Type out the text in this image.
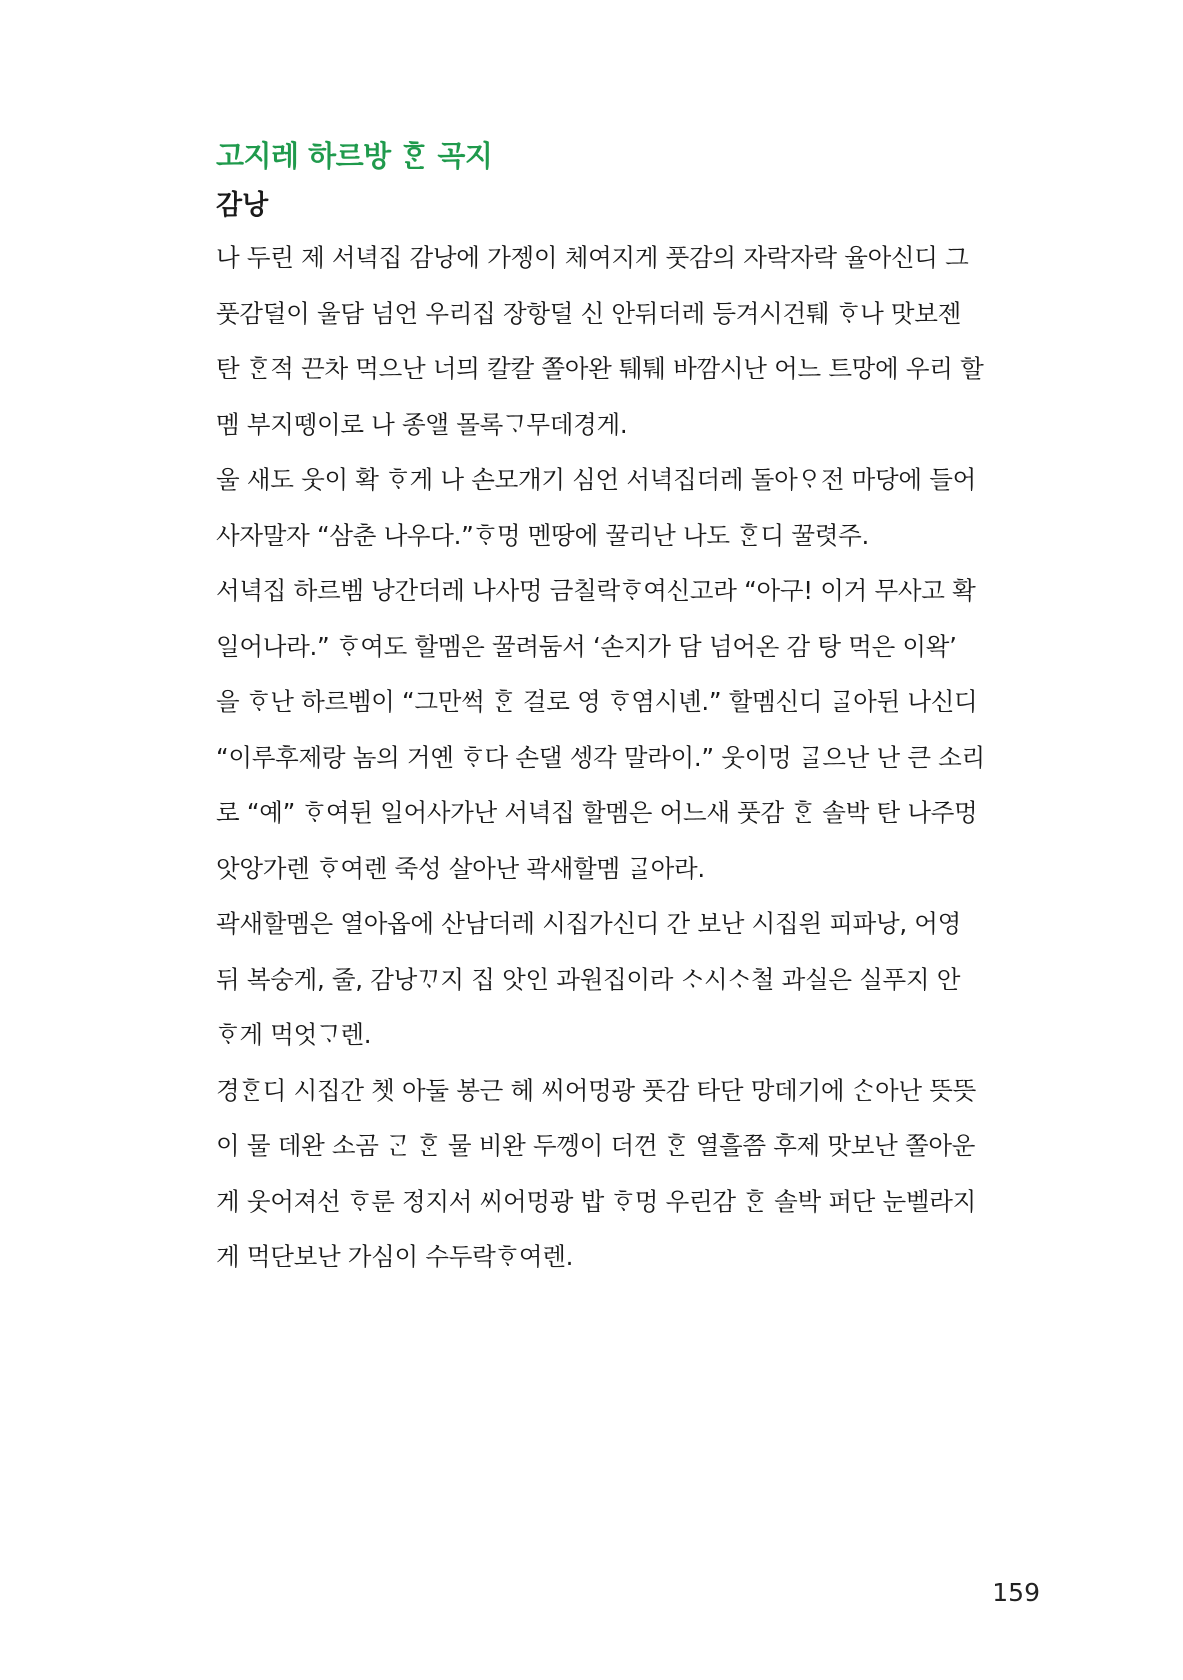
고지레 하르방 ᄒᆞᆫ 곡지
감낭
나 두린 제 서녁집 감낭에 가젱이 체여지게 풋감의 자락자락 율아신디 그
풋감덜이 울담 넘언 우리집 장항덜 신 안뒤더레 등겨시건퉤 ᄒᆞ나 맛보젠
탄 ᄒᆞᆫ적 끈차 먹으난 너믜 칼칼 쫄아완 퉤퉤 바깜시난 어느 트망에 우리 할
멤 부지뗑이로 나 종앨 몰록ᄀᆞ무데경게.
울 새도 웃이 확 ᄒᆞ게 나 손모개기 심언 서녁집더레 돌아ᄋᆞ전 마당에 들어
사자말자 “삼춘 나우다.”ᄒᆞ멍 멘땅에 꿀리난 나도 ᄒᆞᆫ디 꿀렷주.
서녁집 하르벰 낭간더레 나사멍 금칠락ᄒᆞ여신고라 “아구! 이거 무사고 확
일어나라.” ᄒᆞ여도 할멤은 꿀려둠서 ‘손지가 담 넘어온 감 탕 먹은 이왁’
을 ᄒᆞ난 하르벰이 “그만썩 ᄒᆞᆫ 걸로 영 ᄒᆞ염시녠.” 할멤신디 ᄀᆞᆯ아뒨 나신디
“이루후제랑 놈의 거옌 ᄒᆞ다 손댈 셍각 말라이.” 웃이멍 ᄀᆞᆯ으난 난 큰 소리
로 “예” ᄒᆞ여뒨 일어사가난 서녁집 할멤은 어느새 풋감 ᄒᆞᆫ 솔박 탄 나주멍
앗앙가렌 ᄒᆞ여렌 죽성 살아난 곽새할멤 ᄀᆞᆯ아라.
곽새할멤은 열아옵에 산남더레 시집가신디 간 보난 시집읜 피파낭, 어영
뒤 복숭게, 줄, 감낭ᄁᆞ지 집 앗인 과원집이라 ᄉᆞ시ᄉᆞ철 과실은 실푸지 안
ᄒᆞ게 먹엇ᄀᆞ렌.
경ᄒᆞᆫ디 시집간 쳇 아둘 봉근 헤 씨어멍광 풋감 타단 망데기에 ᄉᆞᆫ아난 뜻뜻
이 물 데완 소곰 ᄀᆞᆫ ᄒᆞᆫ 물 비완 두껭이 더껀 ᄒᆞᆫ 열흘쯤 후제 맛보난 쫄아운
게 웃어져선 ᄒᆞ룬 정지서 씨어멍광 밥 ᄒᆞ멍 우린감 ᄒᆞᆫ 솔박 퍼단 눈벨라지
게 먹단보난 가심이 수두락ᄒᆞ여렌.
159
